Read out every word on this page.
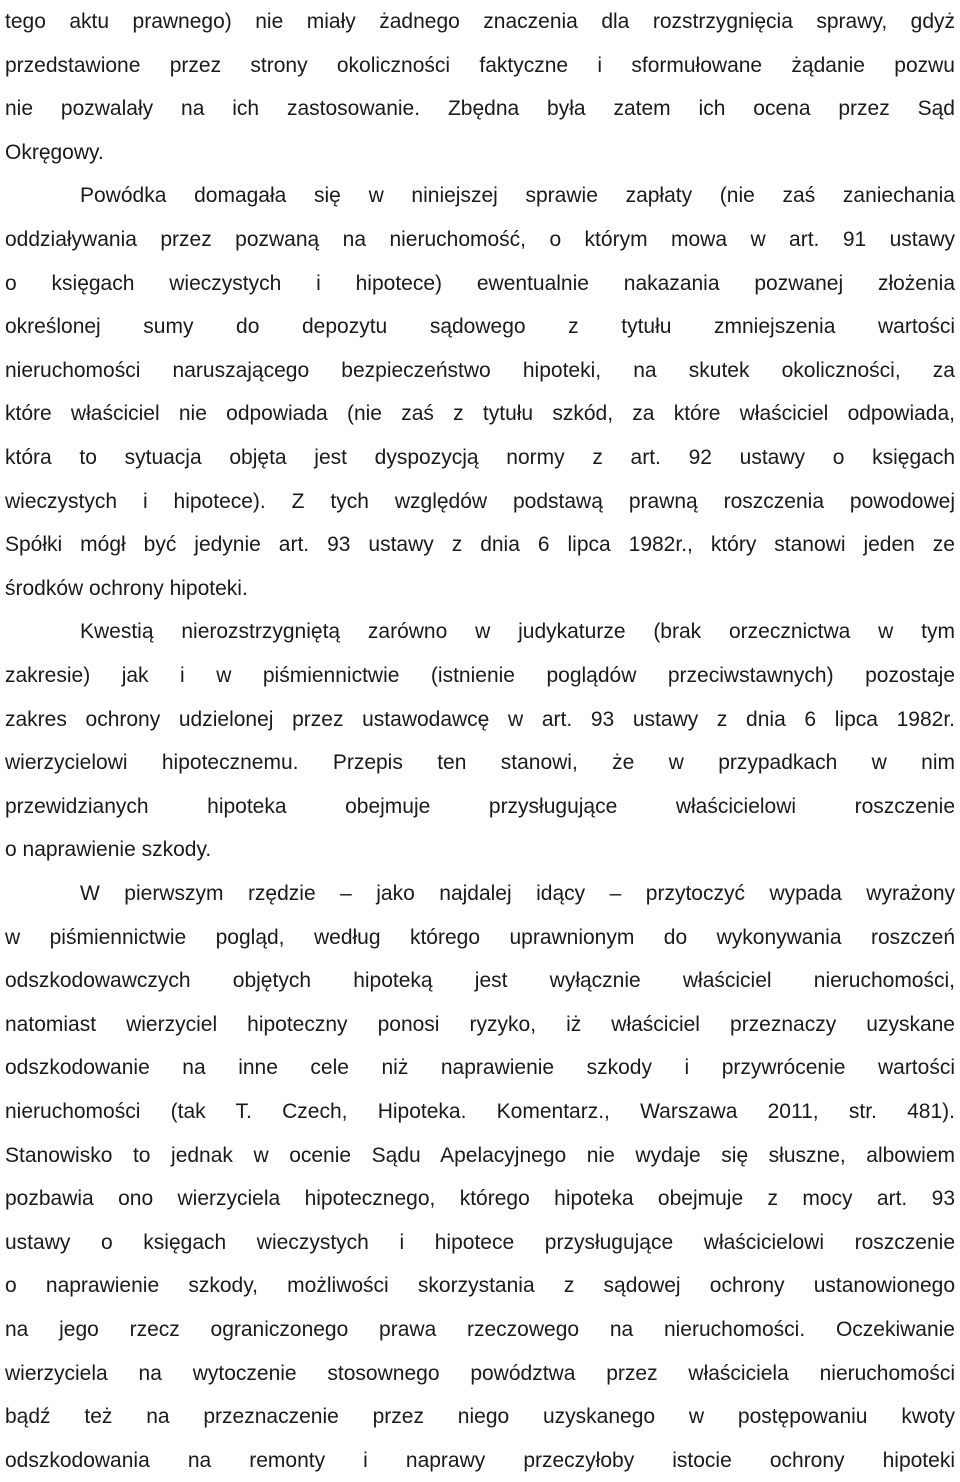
tego aktu prawnego) nie miały żadnego znaczenia dla rozstrzygnięcia sprawy, gdyż
przedstawione przez strony okoliczności faktyczne i sformułowane żądanie pozwu
nie pozwalały na ich zastosowanie. Zbędna była zatem ich ocena przez Sąd
Okręgowy.
Powódka domagała się w niniejszej sprawie zapłaty (nie zaś zaniechania
oddziaływania przez pozwaną na nieruchomość, o którym mowa w art. 91 ustawy
o księgach wieczystych i hipotece) ewentualnie nakazania pozwanej złożenia
określonej sumy do depozytu sądowego z tytułu zmniejszenia wartości
nieruchomości naruszającego bezpieczeństwo hipoteki, na skutek okoliczności, za
które właściciel nie odpowiada (nie zaś z tytułu szkód, za które właściciel odpowiada,
która to sytuacja objęta jest dyspozycją normy z art. 92 ustawy o księgach
wieczystych i hipotece). Z tych względów podstawą prawną roszczenia powodowej
Spółki mógł być jedynie art. 93 ustawy z dnia 6 lipca 1982r., który stanowi jeden ze
środków ochrony hipoteki.
Kwestią nierozstrzygniętą zarówno w judykaturze (brak orzecznictwa w tym
zakresie) jak i w piśmiennictwie (istnienie poglądów przeciwstawnych) pozostaje
zakres ochrony udzielonej przez ustawodawcę w art. 93 ustawy z dnia 6 lipca 1982r.
wierzycielowi hipotecznemu. Przepis ten stanowi, że w przypadkach w nim
przewidzianych hipoteka obejmuje przysługujące właścicielowi roszczenie
o naprawienie szkody.
W pierwszym rzędzie – jako najdalej idący – przytoczyć wypada wyrażony
w piśmiennictwie pogląd, według którego uprawnionym do wykonywania roszczeń
odszkodowawczych objętych hipoteką jest wyłącznie właściciel nieruchomości,
natomiast wierzyciel hipoteczny ponosi ryzyko, iż właściciel przeznaczy uzyskane
odszkodowanie na inne cele niż naprawienie szkody i przywrócenie wartości
nieruchomości (tak T. Czech, Hipoteka. Komentarz., Warszawa 2011, str. 481).
Stanowisko to jednak w ocenie Sądu Apelacyjnego nie wydaje się słuszne, albowiem
pozbawia ono wierzyciela hipotecznego, którego hipoteka obejmuje z mocy art. 93
ustawy o księgach wieczystych i hipotece przysługujące właścicielowi roszczenie
o naprawienie szkody, możliwości skorzystania z sądowej ochrony ustanowionego
na jego rzecz ograniczonego prawa rzeczowego na nieruchomości. Oczekiwanie
wierzyciela na wytoczenie stosownego powództwa przez właściciela nieruchomości
bądź też na przeznaczenie przez niego uzyskanego w postępowaniu kwoty
odszkodowania na remonty i naprawy przeczyłoby istocie ochrony hipoteki
